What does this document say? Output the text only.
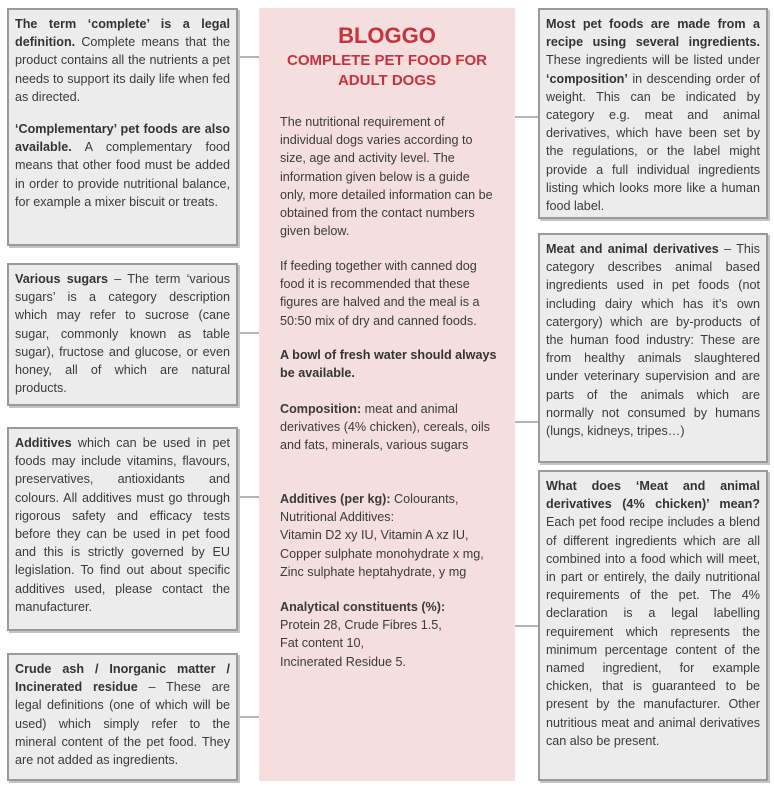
BLOGGO
COMPLETE PET FOOD FOR ADULT DOGS
The nutritional requirement of individual dogs varies according to size, age and activity level. The information given below is a guide only, more detailed information can be obtained from the contact numbers given below.
If feeding together with canned dog food it is recommended that these figures are halved and the meal is a 50:50 mix of dry and canned foods.
A bowl of fresh water should always be available.
Composition: meat and animal derivatives (4% chicken), cereals, oils and fats, minerals, various sugars
Additives (per kg): Colourants, Nutritional Additives:
Vitamin D2 xy IU, Vitamin A xz IU,
Copper sulphate monohydrate x mg,
Zinc sulphate heptahydrate, y mg
Analytical constituents (%):
Protein 28, Crude Fibres 1.5,
Fat content 10,
Incinerated Residue 5.

The term ‘complete’ is a legal definition. Complete means that the product contains all the nutrients a pet needs to support its daily life when fed as directed.

‘Complementary’ pet foods are also available. A complementary food means that other food must be added in order to provide nutritional balance, for example a mixer biscuit or treats.

Various sugars – The term ‘various sugars’ is a category description which may refer to sucrose (cane sugar, commonly known as table sugar), fructose and glucose, or even honey, all of which are natural products.

Additives which can be used in pet foods may include vitamins, flavours, preservatives, antioxidants and colours. All additives must go through rigorous safety and efficacy tests before they can be used in pet food and this is strictly governed by EU legislation. To find out about specific additives used, please contact the manufacturer.

Crude ash / Inorganic matter / Incinerated residue – These are legal definitions (one of which will be used) which simply refer to the mineral content of the pet food. They are not added as ingredients.

Most pet foods are made from a recipe using several ingredients. These ingredients will be listed under ‘composition’ in descending order of weight. This can be indicated by category e.g. meat and animal derivatives, which have been set by the regulations, or the label might provide a full individual ingredients listing which looks more like a human food label.

Meat and animal derivatives – This category describes animal based ingredients used in pet foods (not including dairy which has it’s own catergory) which are by-products of the human food industry: These are from healthy animals slaughtered under veterinary supervision and are parts of the animals which are normally not consumed by humans (lungs, kidneys, tripes…)

What does ‘Meat and animal derivatives (4% chicken)’ mean? Each pet food recipe includes a blend of different ingredients which are all combined into a food which will meet, in part or entirely, the daily nutritional requirements of the pet. The 4% declaration is a legal labelling requirement which represents the minimum percentage content of the named ingredient, for example chicken, that is guaranteed to be present by the manufacturer. Other nutritious meat and animal derivatives can also be present.
